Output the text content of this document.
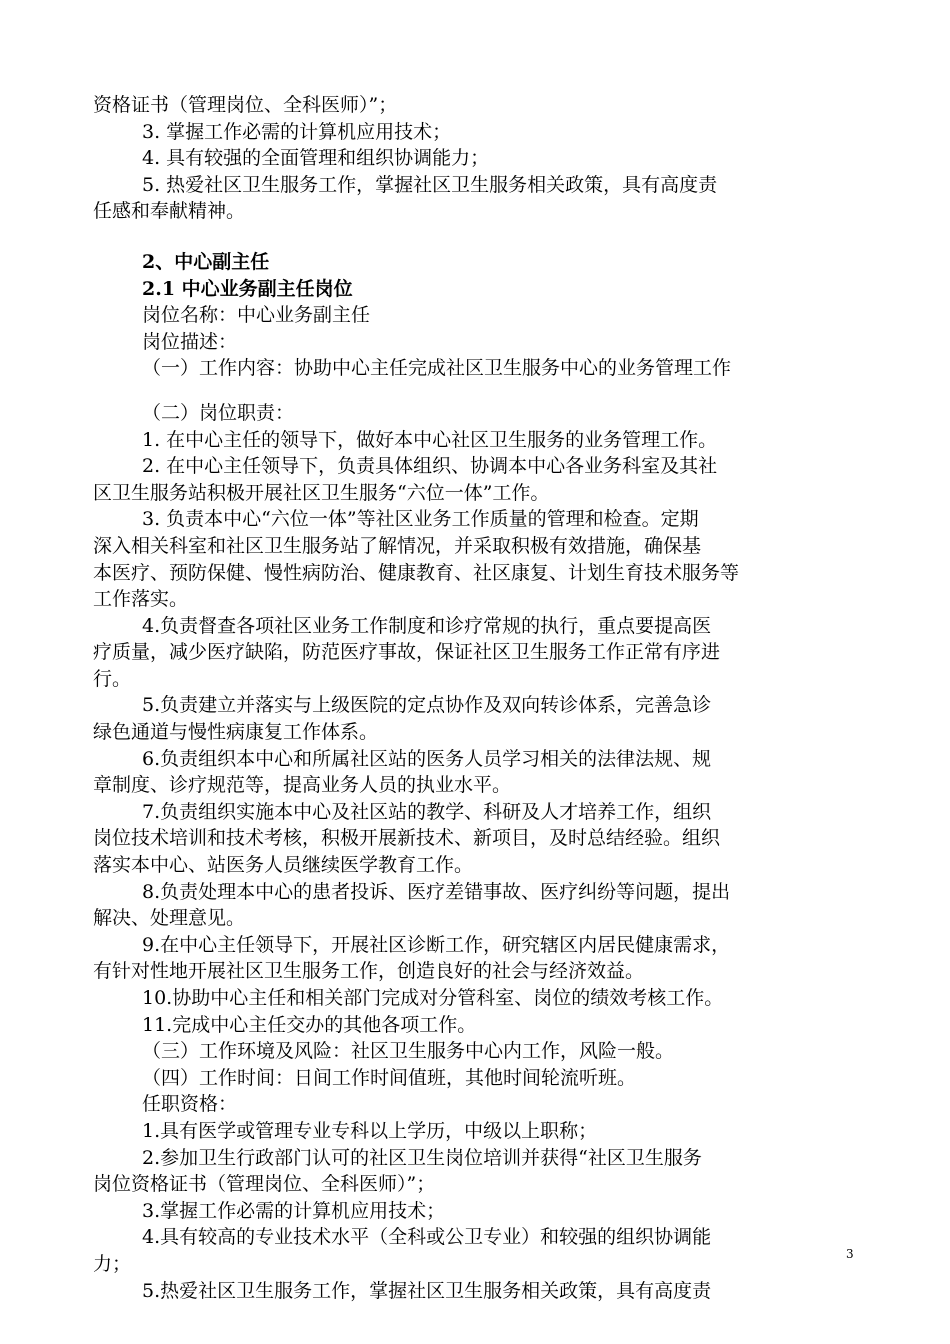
资格证书（管理岗位、全科医师）”；
3. 掌握工作必需的计算机应用技术；
4. 具有较强的全面管理和组织协调能力；
5. 热爱社区卫生服务工作，掌握社区卫生服务相关政策，具有高度责
任感和奉献精神。
2、中心副主任
2.1 中心业务副主任岗位
岗位名称：中心业务副主任
岗位描述：
（一）工作内容：协助中心主任完成社区卫生服务中心的业务管理工作
（二）岗位职责：
1. 在中心主任的领导下，做好本中心社区卫生服务的业务管理工作。
2. 在中心主任领导下，负责具体组织、协调本中心各业务科室及其社
区卫生服务站积极开展社区卫生服务“六位一体”工作。
3. 负责本中心“六位一体”等社区业务工作质量的管理和检查。定期
深入相关科室和社区卫生服务站了解情况，并采取积极有效措施，确保基
本医疗、预防保健、慢性病防治、健康教育、社区康复、计划生育技术服务等
工作落实。
4.负责督查各项社区业务工作制度和诊疗常规的执行，重点要提高医
疗质量，减少医疗缺陷，防范医疗事故，保证社区卫生服务工作正常有序进
行。
5.负责建立并落实与上级医院的定点协作及双向转诊体系，完善急诊
绿色通道与慢性病康复工作体系。
6.负责组织本中心和所属社区站的医务人员学习相关的法律法规、规
章制度、诊疗规范等，提高业务人员的执业水平。
7.负责组织实施本中心及社区站的教学、科研及人才培养工作，组织
岗位技术培训和技术考核，积极开展新技术、新项目，及时总结经验。组织
落实本中心、站医务人员继续医学教育工作。
8.负责处理本中心的患者投诉、医疗差错事故、医疗纠纷等问题，提出
解决、处理意见。
9.在中心主任领导下，开展社区诊断工作，研究辖区内居民健康需求，
有针对性地开展社区卫生服务工作，创造良好的社会与经济效益。
10.协助中心主任和相关部门完成对分管科室、岗位的绩效考核工作。
11.完成中心主任交办的其他各项工作。
（三）工作环境及风险：社区卫生服务中心内工作，风险一般。
（四）工作时间：日间工作时间值班，其他时间轮流听班。
任职资格：
1.具有医学或管理专业专科以上学历，中级以上职称；
2.参加卫生行政部门认可的社区卫生岗位培训并获得“社区卫生服务
岗位资格证书（管理岗位、全科医师）”；
3.掌握工作必需的计算机应用技术；
4.具有较高的专业技术水平（全科或公卫专业）和较强的组织协调能
力；
5.热爱社区卫生服务工作，掌握社区卫生服务相关政策，具有高度责
3
